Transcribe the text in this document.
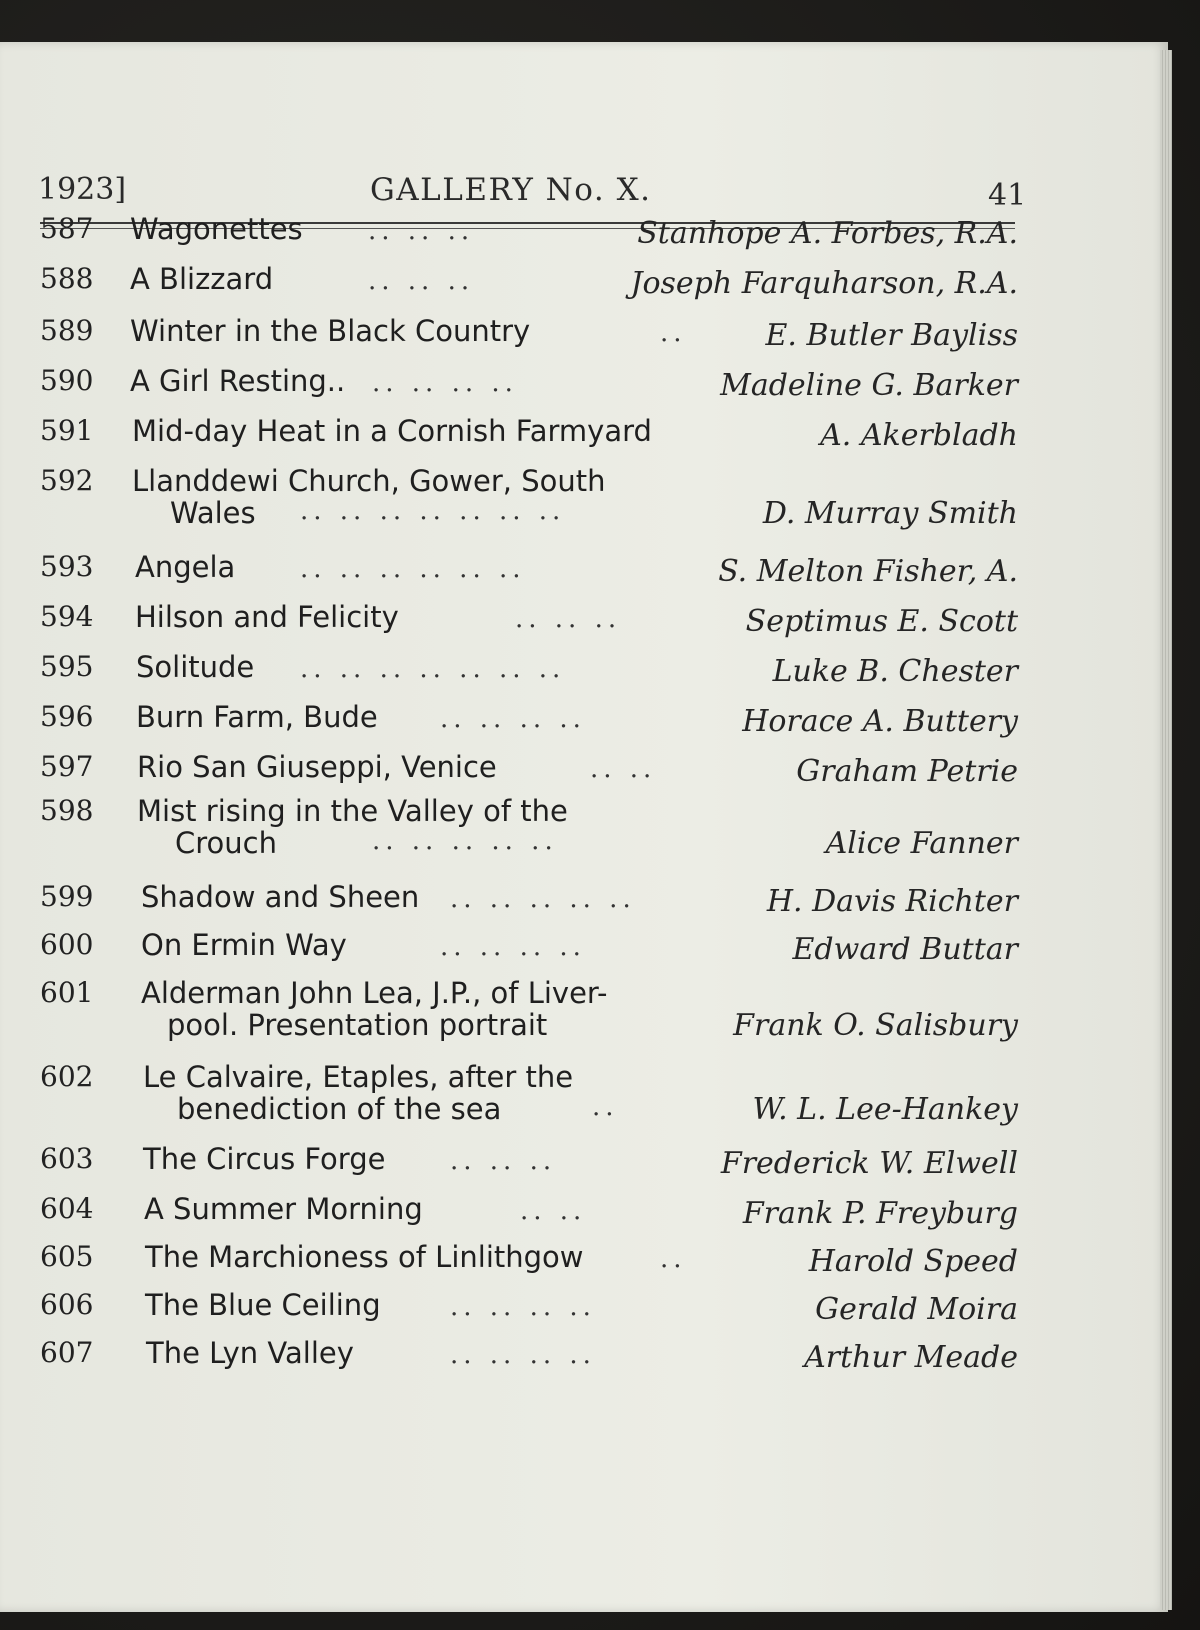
1923]	GALLERY No. X.	41
587 Wagonettes	.. .. ..	Stanhope A. Forbes, R.A.
588 A Blizzard	.. .. ..	Joseph Farquharson, R.A.
589 Winter in the Black Country	..	E. Butler Bayliss
590 A Girl Resting.. .. .. .. ..	Madeline G. Barker
591 Mid-day Heat in a Cornish Farmyard	A. Akerbladh
592 Llanddewi Church, Gower, South
Wales .. .. .. .. .. .. ..	D. Murray Smith
593 Angela .. .. .. .. .. ..	S. Melton Fisher, A.
594 Hilson and Felicity	.. .. ..	Septimus E. Scott
595 Solitude .. .. .. .. .. .. ..	Luke B. Chester
596 Burn Farm, Bude .. .. .. ..	Horace A. Buttery
597 Rio San Giuseppi, Venice	.. ..	Graham Petrie
598 Mist rising in the Valley of the
Crouch	.. .. .. .. ..	Alice Fanner
599 Shadow and Sheen .. .. .. .. ..	H. Davis Richter
600 On Ermin Way	.. .. .. ..	Edward Buttar
601 Alderman John Lea, J.P., of Liver-
pool. Presentation portrait	Frank O. Salisbury
602 Le Calvaire, Etaples, after the
benediction of the sea	..	W. L. Lee-Hankey
603 The Circus Forge .. .. ..	Frederick W. Elwell
604 A Summer Morning	.. ..	Frank P. Freyburg
605 The Marchioness of Linlithgow	..	Harold Speed
606 The Blue Ceiling	.. .. .. ..	Gerald Moira
607 The Lyn Valley	.. .. .. ..	Arthur Meade
